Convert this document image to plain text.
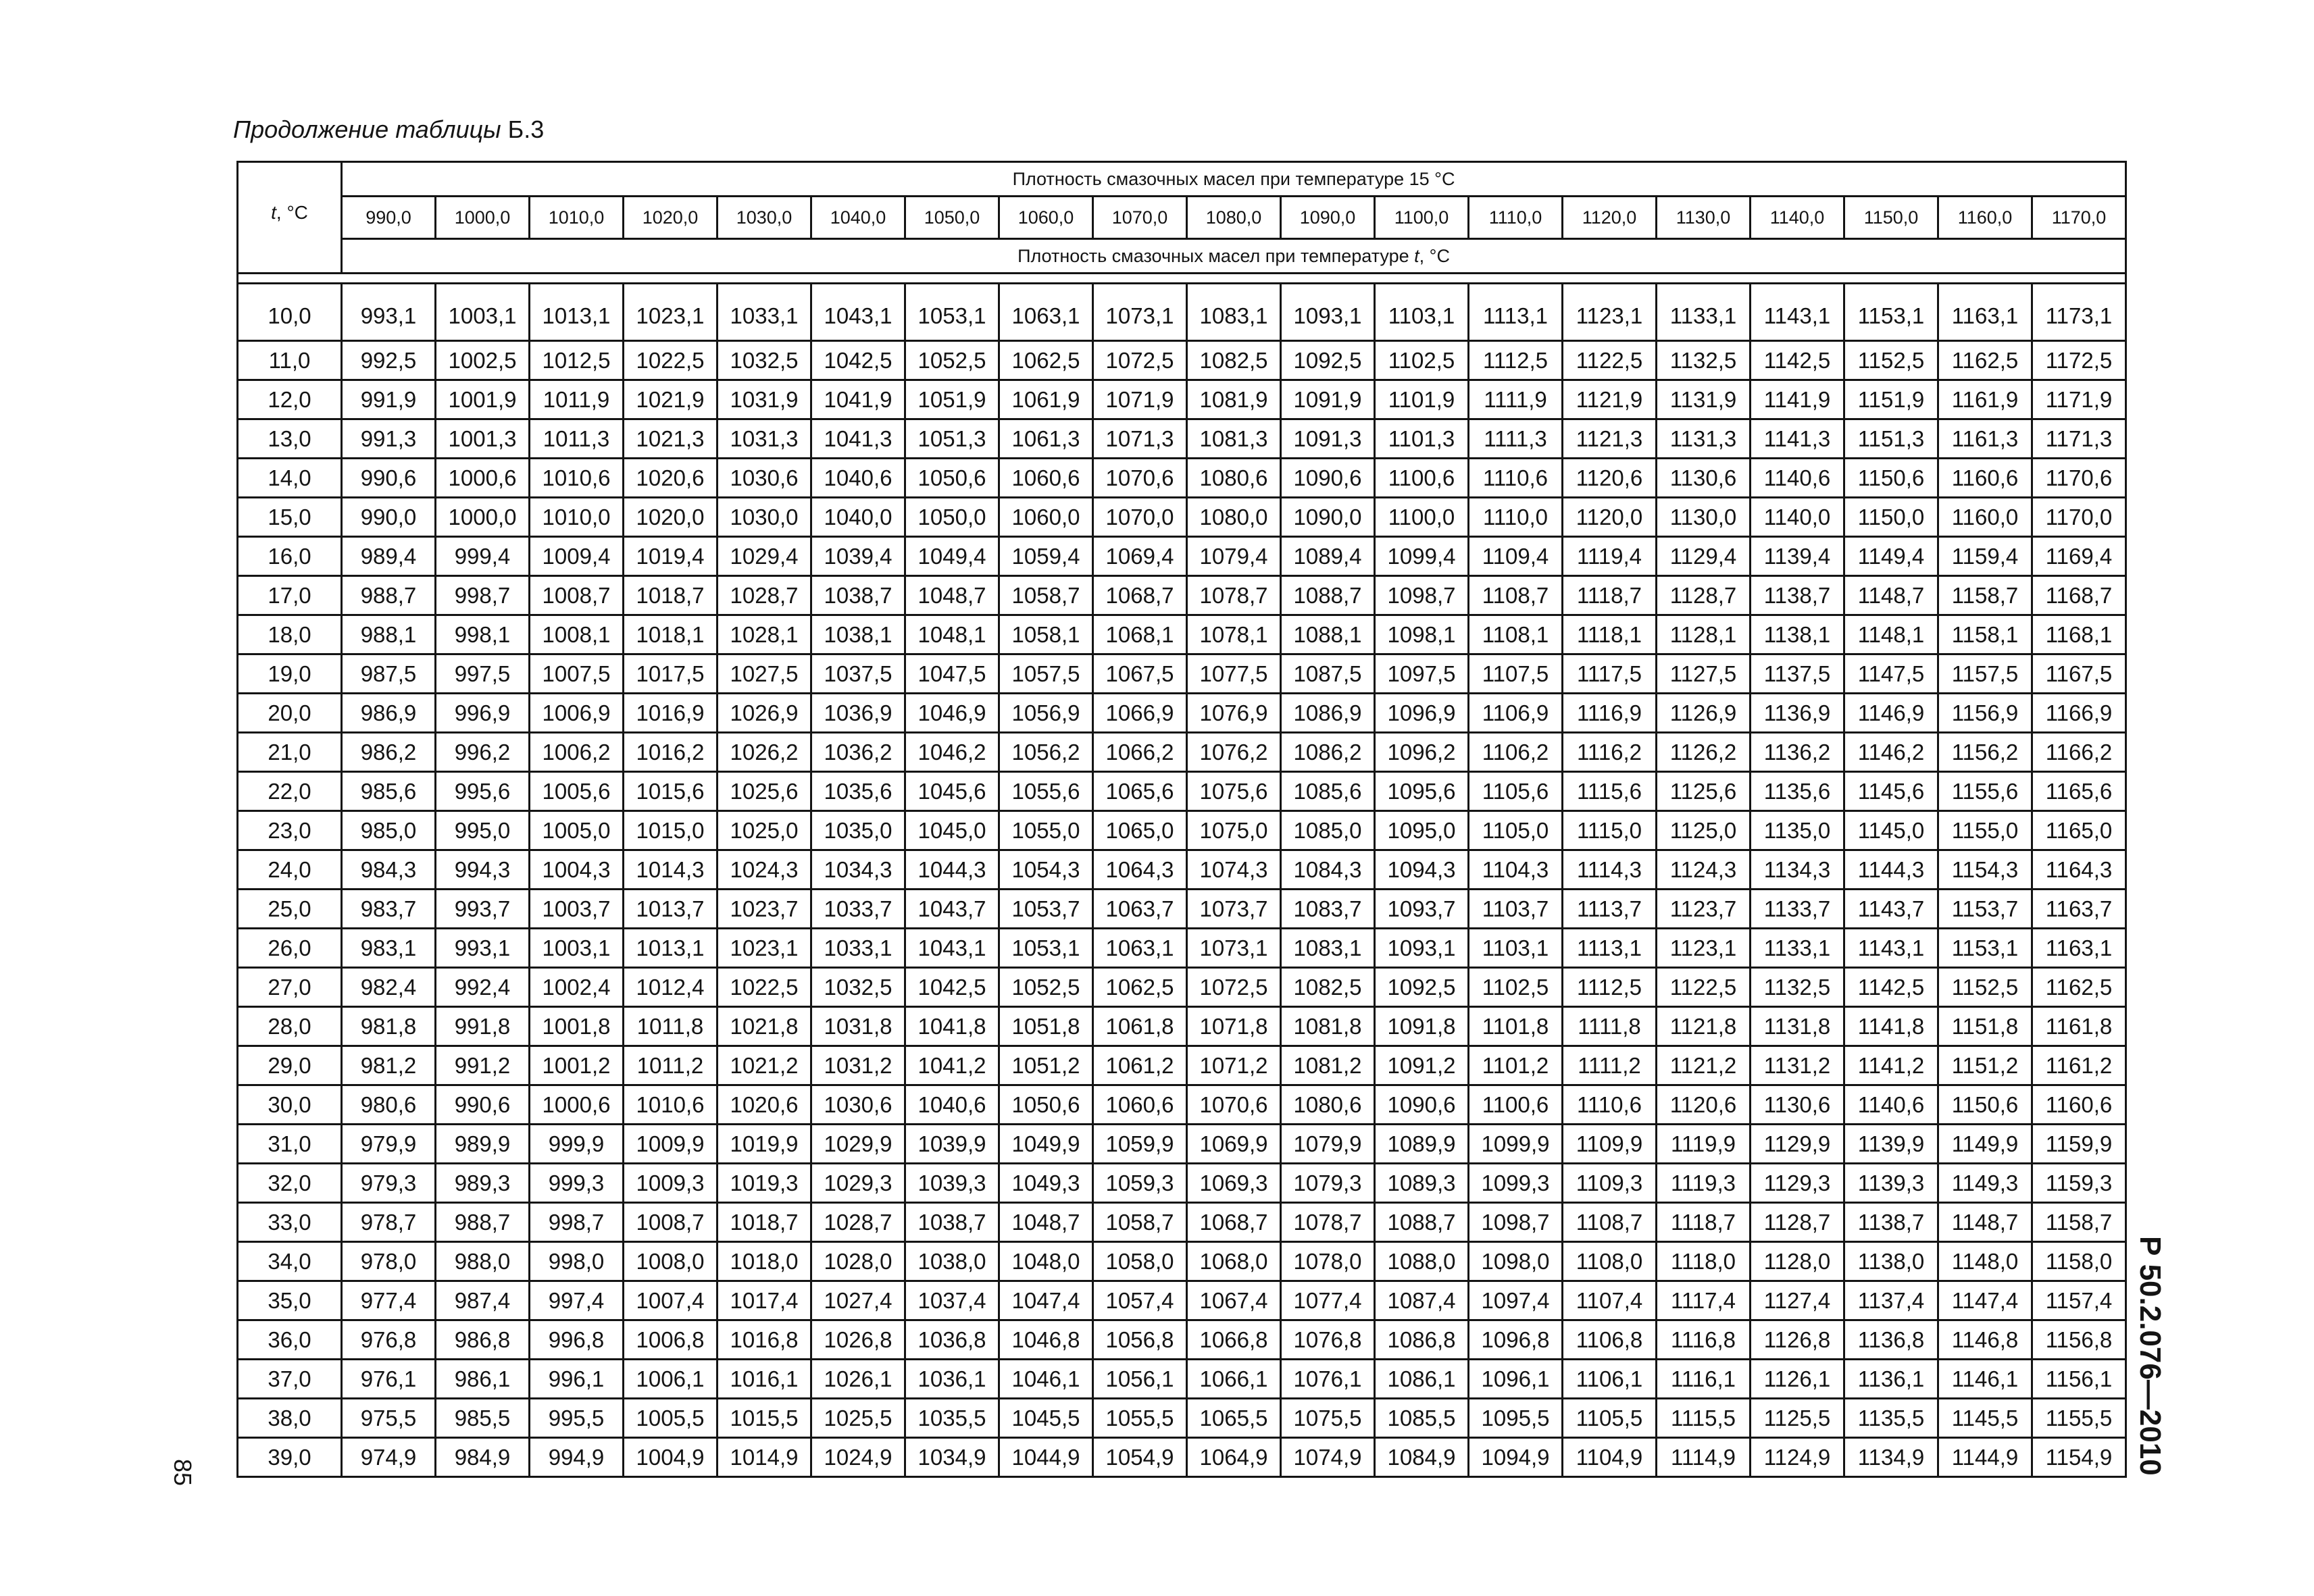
Продолжение таблицы Б.3
t, °С	Плотность смазочных масел при температуре 15 °С																		
	990,0	1000,0	1010,0	1020,0	1030,0	1040,0	1050,0	1060,0	1070,0	1080,0	1090,0	1100,0	1110,0	1120,0	1130,0	1140,0	1150,0	1160,0	1170,0
	Плотность смазочных масел при температуре t, °С																		

10,0	993,1	1003,1	1013,1	1023,1	1033,1	1043,1	1053,1	1063,1	1073,1	1083,1	1093,1	1103,1	1113,1	1123,1	1133,1	1143,1	1153,1	1163,1	1173,1
11,0	992,5	1002,5	1012,5	1022,5	1032,5	1042,5	1052,5	1062,5	1072,5	1082,5	1092,5	1102,5	1112,5	1122,5	1132,5	1142,5	1152,5	1162,5	1172,5
12,0	991,9	1001,9	1011,9	1021,9	1031,9	1041,9	1051,9	1061,9	1071,9	1081,9	1091,9	1101,9	1111,9	1121,9	1131,9	1141,9	1151,9	1161,9	1171,9
13,0	991,3	1001,3	1011,3	1021,3	1031,3	1041,3	1051,3	1061,3	1071,3	1081,3	1091,3	1101,3	1111,3	1121,3	1131,3	1141,3	1151,3	1161,3	1171,3
14,0	990,6	1000,6	1010,6	1020,6	1030,6	1040,6	1050,6	1060,6	1070,6	1080,6	1090,6	1100,6	1110,6	1120,6	1130,6	1140,6	1150,6	1160,6	1170,6
15,0	990,0	1000,0	1010,0	1020,0	1030,0	1040,0	1050,0	1060,0	1070,0	1080,0	1090,0	1100,0	1110,0	1120,0	1130,0	1140,0	1150,0	1160,0	1170,0
16,0	989,4	999,4	1009,4	1019,4	1029,4	1039,4	1049,4	1059,4	1069,4	1079,4	1089,4	1099,4	1109,4	1119,4	1129,4	1139,4	1149,4	1159,4	1169,4
17,0	988,7	998,7	1008,7	1018,7	1028,7	1038,7	1048,7	1058,7	1068,7	1078,7	1088,7	1098,7	1108,7	1118,7	1128,7	1138,7	1148,7	1158,7	1168,7
18,0	988,1	998,1	1008,1	1018,1	1028,1	1038,1	1048,1	1058,1	1068,1	1078,1	1088,1	1098,1	1108,1	1118,1	1128,1	1138,1	1148,1	1158,1	1168,1
19,0	987,5	997,5	1007,5	1017,5	1027,5	1037,5	1047,5	1057,5	1067,5	1077,5	1087,5	1097,5	1107,5	1117,5	1127,5	1137,5	1147,5	1157,5	1167,5
20,0	986,9	996,9	1006,9	1016,9	1026,9	1036,9	1046,9	1056,9	1066,9	1076,9	1086,9	1096,9	1106,9	1116,9	1126,9	1136,9	1146,9	1156,9	1166,9
21,0	986,2	996,2	1006,2	1016,2	1026,2	1036,2	1046,2	1056,2	1066,2	1076,2	1086,2	1096,2	1106,2	1116,2	1126,2	1136,2	1146,2	1156,2	1166,2
22,0	985,6	995,6	1005,6	1015,6	1025,6	1035,6	1045,6	1055,6	1065,6	1075,6	1085,6	1095,6	1105,6	1115,6	1125,6	1135,6	1145,6	1155,6	1165,6
23,0	985,0	995,0	1005,0	1015,0	1025,0	1035,0	1045,0	1055,0	1065,0	1075,0	1085,0	1095,0	1105,0	1115,0	1125,0	1135,0	1145,0	1155,0	1165,0
24,0	984,3	994,3	1004,3	1014,3	1024,3	1034,3	1044,3	1054,3	1064,3	1074,3	1084,3	1094,3	1104,3	1114,3	1124,3	1134,3	1144,3	1154,3	1164,3
25,0	983,7	993,7	1003,7	1013,7	1023,7	1033,7	1043,7	1053,7	1063,7	1073,7	1083,7	1093,7	1103,7	1113,7	1123,7	1133,7	1143,7	1153,7	1163,7
26,0	983,1	993,1	1003,1	1013,1	1023,1	1033,1	1043,1	1053,1	1063,1	1073,1	1083,1	1093,1	1103,1	1113,1	1123,1	1133,1	1143,1	1153,1	1163,1
27,0	982,4	992,4	1002,4	1012,4	1022,5	1032,5	1042,5	1052,5	1062,5	1072,5	1082,5	1092,5	1102,5	1112,5	1122,5	1132,5	1142,5	1152,5	1162,5
28,0	981,8	991,8	1001,8	1011,8	1021,8	1031,8	1041,8	1051,8	1061,8	1071,8	1081,8	1091,8	1101,8	1111,8	1121,8	1131,8	1141,8	1151,8	1161,8
29,0	981,2	991,2	1001,2	1011,2	1021,2	1031,2	1041,2	1051,2	1061,2	1071,2	1081,2	1091,2	1101,2	1111,2	1121,2	1131,2	1141,2	1151,2	1161,2
30,0	980,6	990,6	1000,6	1010,6	1020,6	1030,6	1040,6	1050,6	1060,6	1070,6	1080,6	1090,6	1100,6	1110,6	1120,6	1130,6	1140,6	1150,6	1160,6
31,0	979,9	989,9	999,9	1009,9	1019,9	1029,9	1039,9	1049,9	1059,9	1069,9	1079,9	1089,9	1099,9	1109,9	1119,9	1129,9	1139,9	1149,9	1159,9
32,0	979,3	989,3	999,3	1009,3	1019,3	1029,3	1039,3	1049,3	1059,3	1069,3	1079,3	1089,3	1099,3	1109,3	1119,3	1129,3	1139,3	1149,3	1159,3
33,0	978,7	988,7	998,7	1008,7	1018,7	1028,7	1038,7	1048,7	1058,7	1068,7	1078,7	1088,7	1098,7	1108,7	1118,7	1128,7	1138,7	1148,7	1158,7
34,0	978,0	988,0	998,0	1008,0	1018,0	1028,0	1038,0	1048,0	1058,0	1068,0	1078,0	1088,0	1098,0	1108,0	1118,0	1128,0	1138,0	1148,0	1158,0
35,0	977,4	987,4	997,4	1007,4	1017,4	1027,4	1037,4	1047,4	1057,4	1067,4	1077,4	1087,4	1097,4	1107,4	1117,4	1127,4	1137,4	1147,4	1157,4
36,0	976,8	986,8	996,8	1006,8	1016,8	1026,8	1036,8	1046,8	1056,8	1066,8	1076,8	1086,8	1096,8	1106,8	1116,8	1126,8	1136,8	1146,8	1156,8
37,0	976,1	986,1	996,1	1006,1	1016,1	1026,1	1036,1	1046,1	1056,1	1066,1	1076,1	1086,1	1096,1	1106,1	1116,1	1126,1	1136,1	1146,1	1156,1
38,0	975,5	985,5	995,5	1005,5	1015,5	1025,5	1035,5	1045,5	1055,5	1065,5	1075,5	1085,5	1095,5	1105,5	1115,5	1125,5	1135,5	1145,5	1155,5
39,0	974,9	984,9	994,9	1004,9	1014,9	1024,9	1034,9	1044,9	1054,9	1064,9	1074,9	1084,9	1094,9	1104,9	1114,9	1124,9	1134,9	1144,9	1154,9 Р 50.2.076—2010
85
